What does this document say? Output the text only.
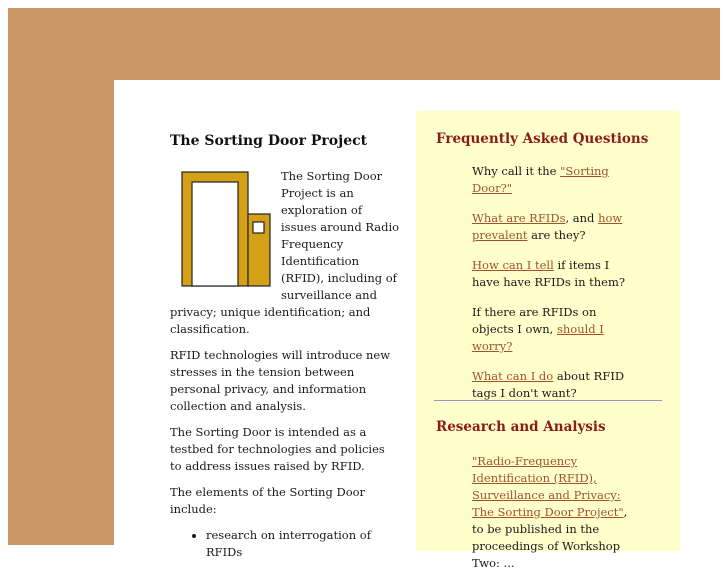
The Sorting Door Project

The Sorting Door Project is an exploration of issues around Radio Frequency Identification (RFID), including of surveillance and privacy; unique identification; and classification.

RFID technologies will introduce new stresses in the tension between personal privacy, and information collection and analysis.

The Sorting Door is intended as a testbed for technologies and policies to address issues raised by RFID.

The elements of the Sorting Door include:

• research on interrogation of RFIDs
Frequently Asked Questions

Why call it the "Sorting Door?"

What are RFIDs, and how prevalent are they?

How can I tell if items I have have RFIDs in them?

If there are RFIDs on objects I own, should I worry?

What can I do about RFID tags I don't want?

Research and Analysis

"Radio-Frequency Identification (RFID), Surveillance and Privacy: The Sorting Door Project", to be published in the proceedings of Workshop Two: ...
